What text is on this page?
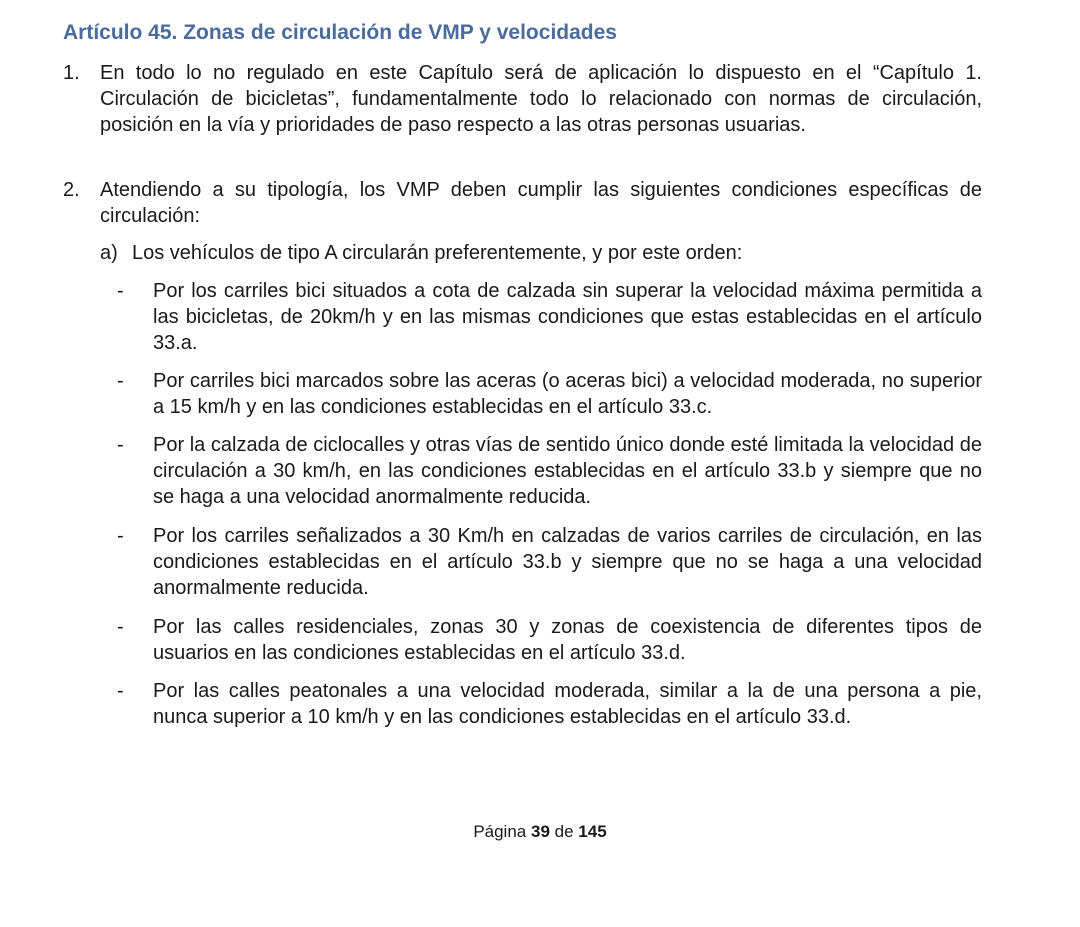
Artículo 45. Zonas de circulación de VMP y velocidades
1. En todo lo no regulado en este Capítulo será de aplicación lo dispuesto en el “Capítulo 1. Circulación de bicicletas”, fundamentalmente todo lo relacionado con normas de circulación, posición en la vía y prioridades de paso respecto a las otras personas usuarias.
2. Atendiendo a su tipología, los VMP deben cumplir las siguientes condiciones específicas de circulación:
a) Los vehículos de tipo A circularán preferentemente, y por este orden:
- Por los carriles bici situados a cota de calzada sin superar la velocidad máxima permitida a las bicicletas, de 20km/h y en las mismas condiciones que estas establecidas en el artículo 33.a.
- Por carriles bici marcados sobre las aceras (o aceras bici) a velocidad moderada, no superior a 15 km/h y en las condiciones establecidas en el artículo 33.c.
- Por la calzada de ciclocalles y otras vías de sentido único donde esté limitada la velocidad de circulación a 30 km/h, en las condiciones establecidas en el artículo 33.b y siempre que no se haga a una velocidad anormalmente reducida.
- Por los carriles señalizados a 30 Km/h en calzadas de varios carriles de circulación, en las condiciones establecidas en el artículo 33.b y siempre que no se haga a una velocidad anormalmente reducida.
- Por las calles residenciales, zonas 30 y zonas de coexistencia de diferentes tipos de usuarios en las condiciones establecidas en el artículo 33.d.
- Por las calles peatonales a una velocidad moderada, similar a la de una persona a pie, nunca superior a 10 km/h y en las condiciones establecidas en el artículo 33.d.
Página 39 de 145
